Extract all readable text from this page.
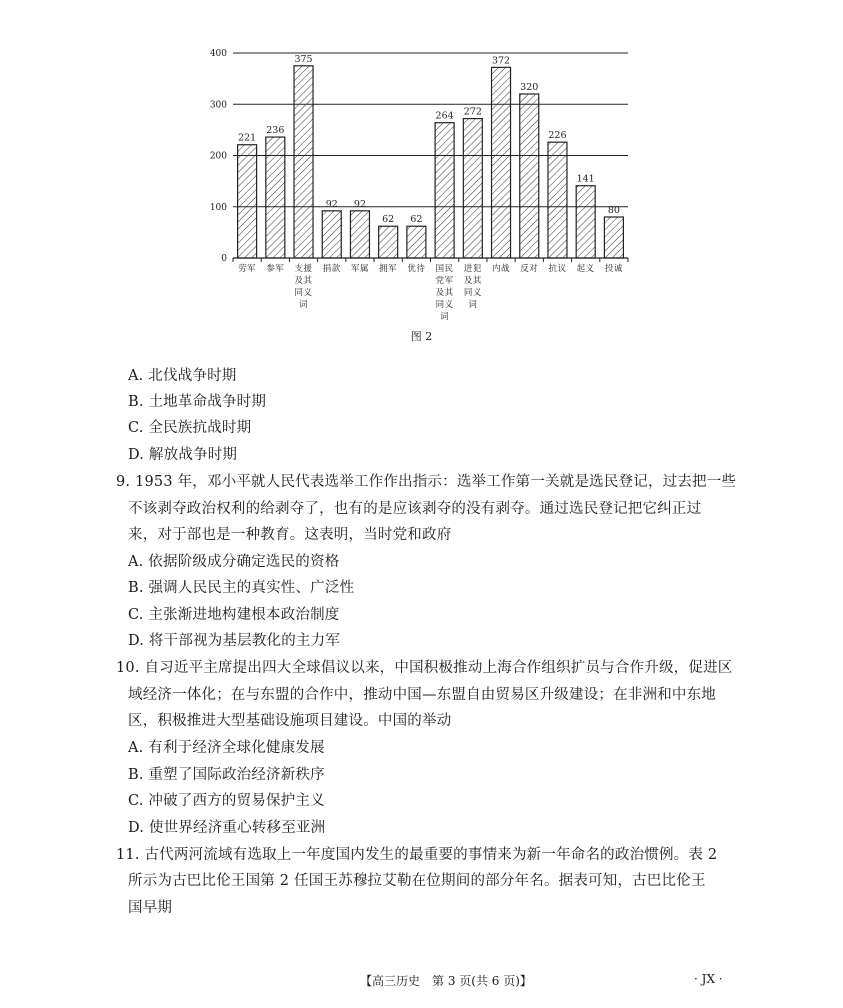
0
100
200
300
400
221
劳军
236
参军
375
支援
及其
同义
词
92
捐款
92
军属
62
拥军
62
优待
264
国民
党军
及其
同义
词
272
进犯
及其
同义
词
372
内战
320
反对
226
抗议
141
起义
80
投诚
图 2
A. 北伐战争时期
B. 土地革命战争时期
C. 全民族抗战时期
D. 解放战争时期
9. 1953 年，邓小平就人民代表选举工作作出指示：选举工作第一关就是选民登记，过去把一些
不该剥夺政治权利的给剥夺了，也有的是应该剥夺的没有剥夺。通过选民登记把它纠正过
来，对于部也是一种教育。这表明，当时党和政府
A. 依据阶级成分确定选民的资格
B. 强调人民民主的真实性、广泛性
C. 主张渐进地构建根本政治制度
D. 将干部视为基层教化的主力军
10. 自习近平主席提出四大全球倡议以来，中国积极推动上海合作组织扩员与合作升级，促进区
域经济一体化；在与东盟的合作中，推动中国—东盟自由贸易区升级建设；在非洲和中东地
区，积极推进大型基础设施项目建设。中国的举动
A. 有利于经济全球化健康发展
B. 重塑了国际政治经济新秩序
C. 冲破了西方的贸易保护主义
D. 使世界经济重心转移至亚洲
11. 古代两河流域有选取上一年度国内发生的最重要的事情来为新一年命名的政治惯例。表 2
所示为古巴比伦王国第 2 任国王苏穆拉艾勒在位期间的部分年名。据表可知，古巴比伦王
国早期
【高三历史　第 3 页(共 6 页)】	· JX ·
